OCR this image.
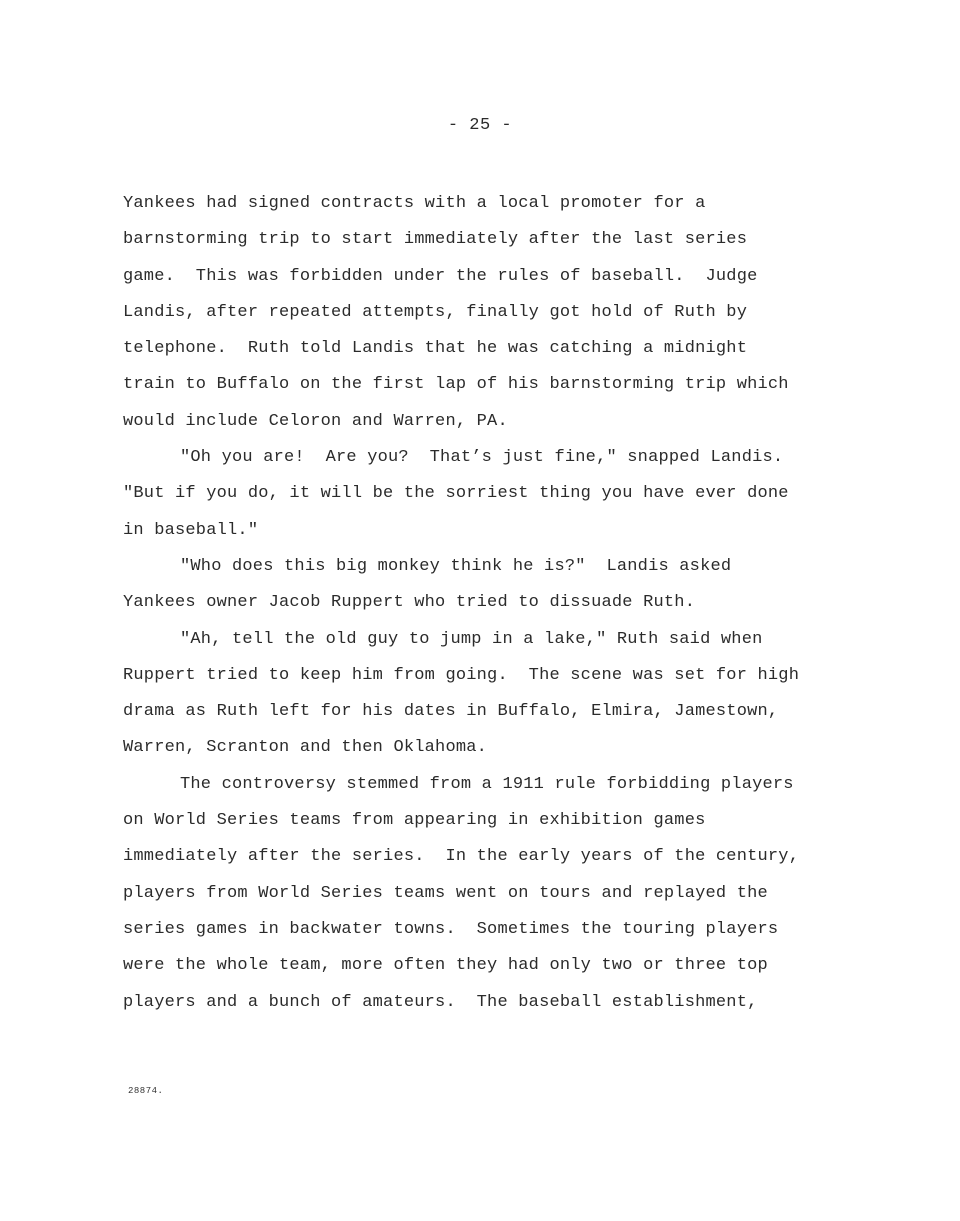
- 25 -
Yankees had signed contracts with a local promoter for a
barnstorming trip to start immediately after the last series
game.  This was forbidden under the rules of baseball.  Judge
Landis, after repeated attempts, finally got hold of Ruth by
telephone.  Ruth told Landis that he was catching a midnight
train to Buffalo on the first lap of his barnstorming trip which
would include Celoron and Warren, PA.
"Oh you are!  Are you?  That’s just fine," snapped Landis.
"But if you do, it will be the sorriest thing you have ever done
in baseball."
"Who does this big monkey think he is?"  Landis asked
Yankees owner Jacob Ruppert who tried to dissuade Ruth.
"Ah, tell the old guy to jump in a lake," Ruth said when
Ruppert tried to keep him from going.  The scene was set for high
drama as Ruth left for his dates in Buffalo, Elmira, Jamestown,
Warren, Scranton and then Oklahoma.
The controversy stemmed from a 1911 rule forbidding players
on World Series teams from appearing in exhibition games
immediately after the series.  In the early years of the century,
players from World Series teams went on tours and replayed the
series games in backwater towns.  Sometimes the touring players
were the whole team, more often they had only two or three top
players and a bunch of amateurs.  The baseball establishment,
28874.
